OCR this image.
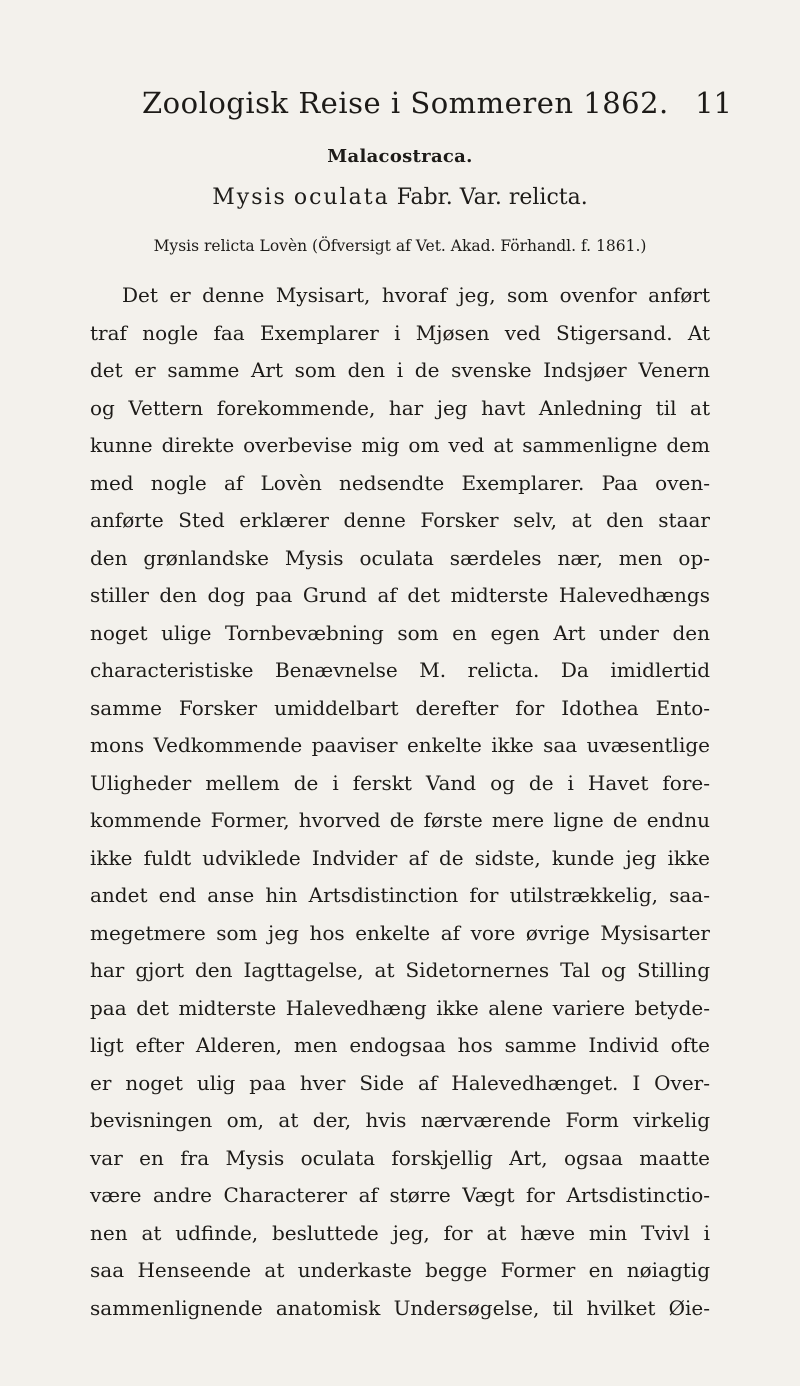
Zoologisk Reise i Sommeren 1862. 11
Malacostraca.
Mysis oculata Fabr. Var. relicta.
Mysis relicta Lovèn (Öfversigt af Vet. Akad. Förhandl. f. 1861.)
Det er denne Mysisart, hvoraf jeg, som ovenfor anført
traf nogle faa Exemplarer i Mjøsen ved Stigersand. At
det er samme Art som den i de svenske Indsjøer Venern
og Vettern forekommende, har jeg havt Anledning til at
kunne direkte overbevise mig om ved at sammenligne dem
med nogle af Lovèn nedsendte Exemplarer. Paa oven-
anførte Sted erklærer denne Forsker selv, at den staar
den grønlandske Mysis oculata særdeles nær, men op-
stiller den dog paa Grund af det midterste Halevedhængs
noget ulige Tornbevæbning som en egen Art under den
characteristiske Benævnelse M. relicta. Da imidlertid
samme Forsker umiddelbart derefter for Idothea Ento-
mons Vedkommende paaviser enkelte ikke saa uvæsentlige
Uligheder mellem de i ferskt Vand og de i Havet fore-
kommende Former, hvorved de første mere ligne de endnu
ikke fuldt udviklede Indvider af de sidste, kunde jeg ikke
andet end anse hin Artsdistinction for utilstrækkelig, saa-
megetmere som jeg hos enkelte af vore øvrige Mysisarter
har gjort den Iagttagelse, at Sidetornernes Tal og Stilling
paa det midterste Halevedhæng ikke alene variere betyde-
ligt efter Alderen, men endogsaa hos samme Individ ofte
er noget ulig paa hver Side af Halevedhænget. I Over-
bevisningen om, at der, hvis nærværende Form virkelig
var en fra Mysis oculata forskjellig Art, ogsaa maatte
være andre Characterer af større Vægt for Artsdistinctio-
nen at udfinde, besluttede jeg, for at hæve min Tvivl i
saa Henseende at underkaste begge Former en nøiagtig
sammenlignende anatomisk Undersøgelse, til hvilket Øie-
